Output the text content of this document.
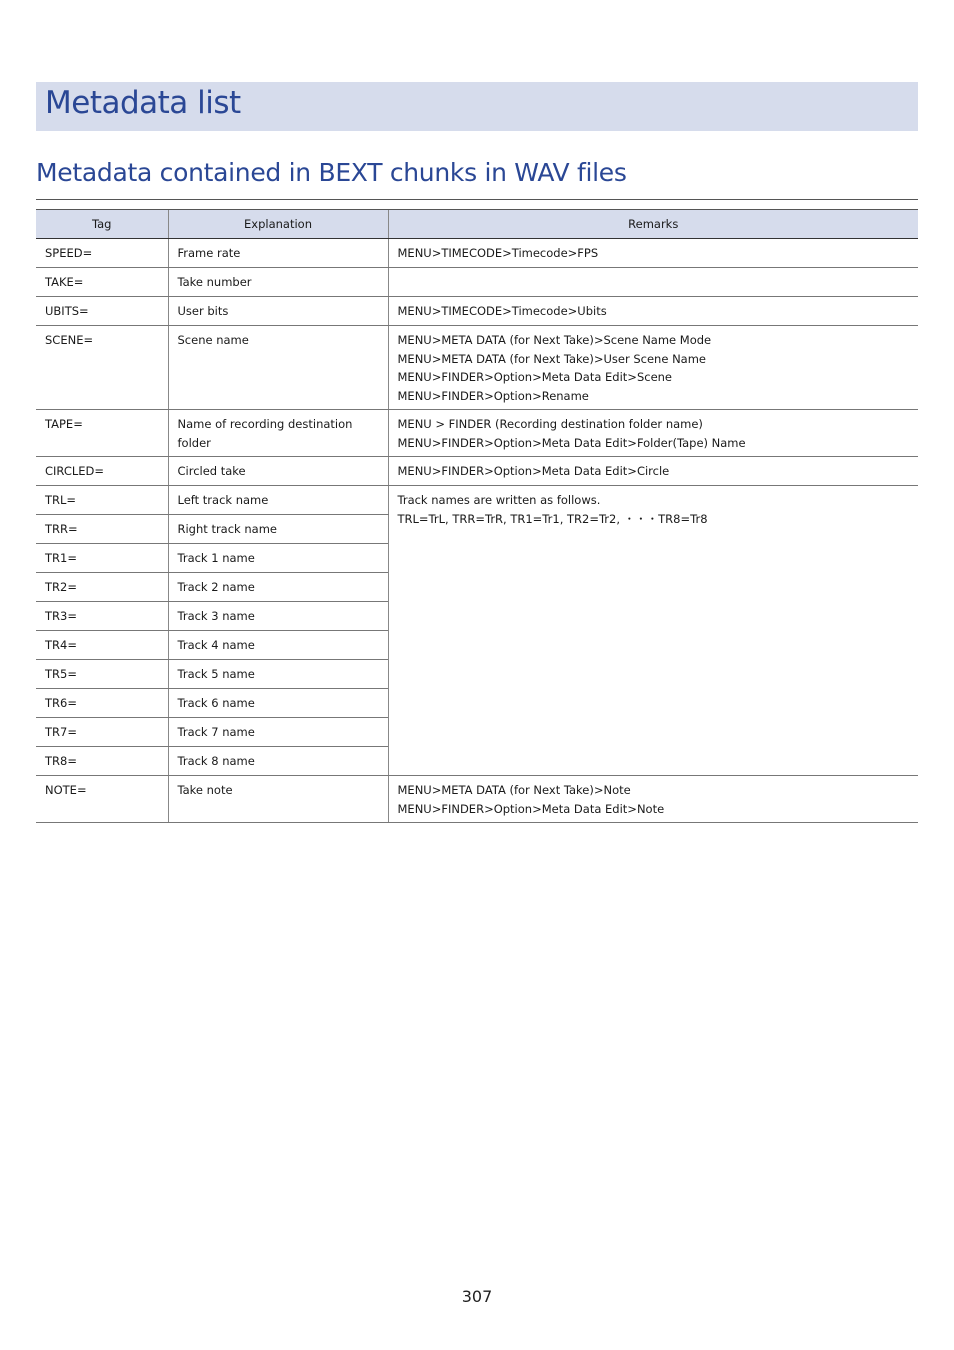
Metadata list
Metadata contained in BEXT chunks in WAV files
Tag	Explanation	Remarks
SPEED=	Frame rate	MENU>TIMECODE>Timecode>FPS

TAKE=	Take number	

UBITS=	User bits	MENU>TIMECODE>Timecode>Ubits

SCENE=	Scene name	MENU>META DATA (for Next Take)>Scene Name Mode
MENU>META DATA (for Next Take)>User Scene Name
MENU>FINDER>Option>Meta Data Edit>Scene
MENU>FINDER>Option>Rename

TAPE=	Name of recording destination folder	MENU > FINDER (Recording destination folder name)
MENU>FINDER>Option>Meta Data Edit>Folder(Tape) Name

CIRCLED=	Circled take	MENU>FINDER>Option>Meta Data Edit>Circle

TRL=	Left track name	Track names are written as follows.
TRL=TrL, TRR=TrR, TR1=Tr1, TR2=Tr2, ・・・TR8=Tr8

TRR=	Right track name	
TR1=	Track 1 name	
TR2=	Track 2 name	
TR3=	Track 3 name	
TR4=	Track 4 name	
TR5=	Track 5 name	
TR6=	Track 6 name	
TR7=	Track 7 name	
TR8=	Track 8 name	
NOTE=	Take note	MENU>META DATA (for Next Take)>Note
MENU>FINDER>Option>Meta Data Edit>Note
307
